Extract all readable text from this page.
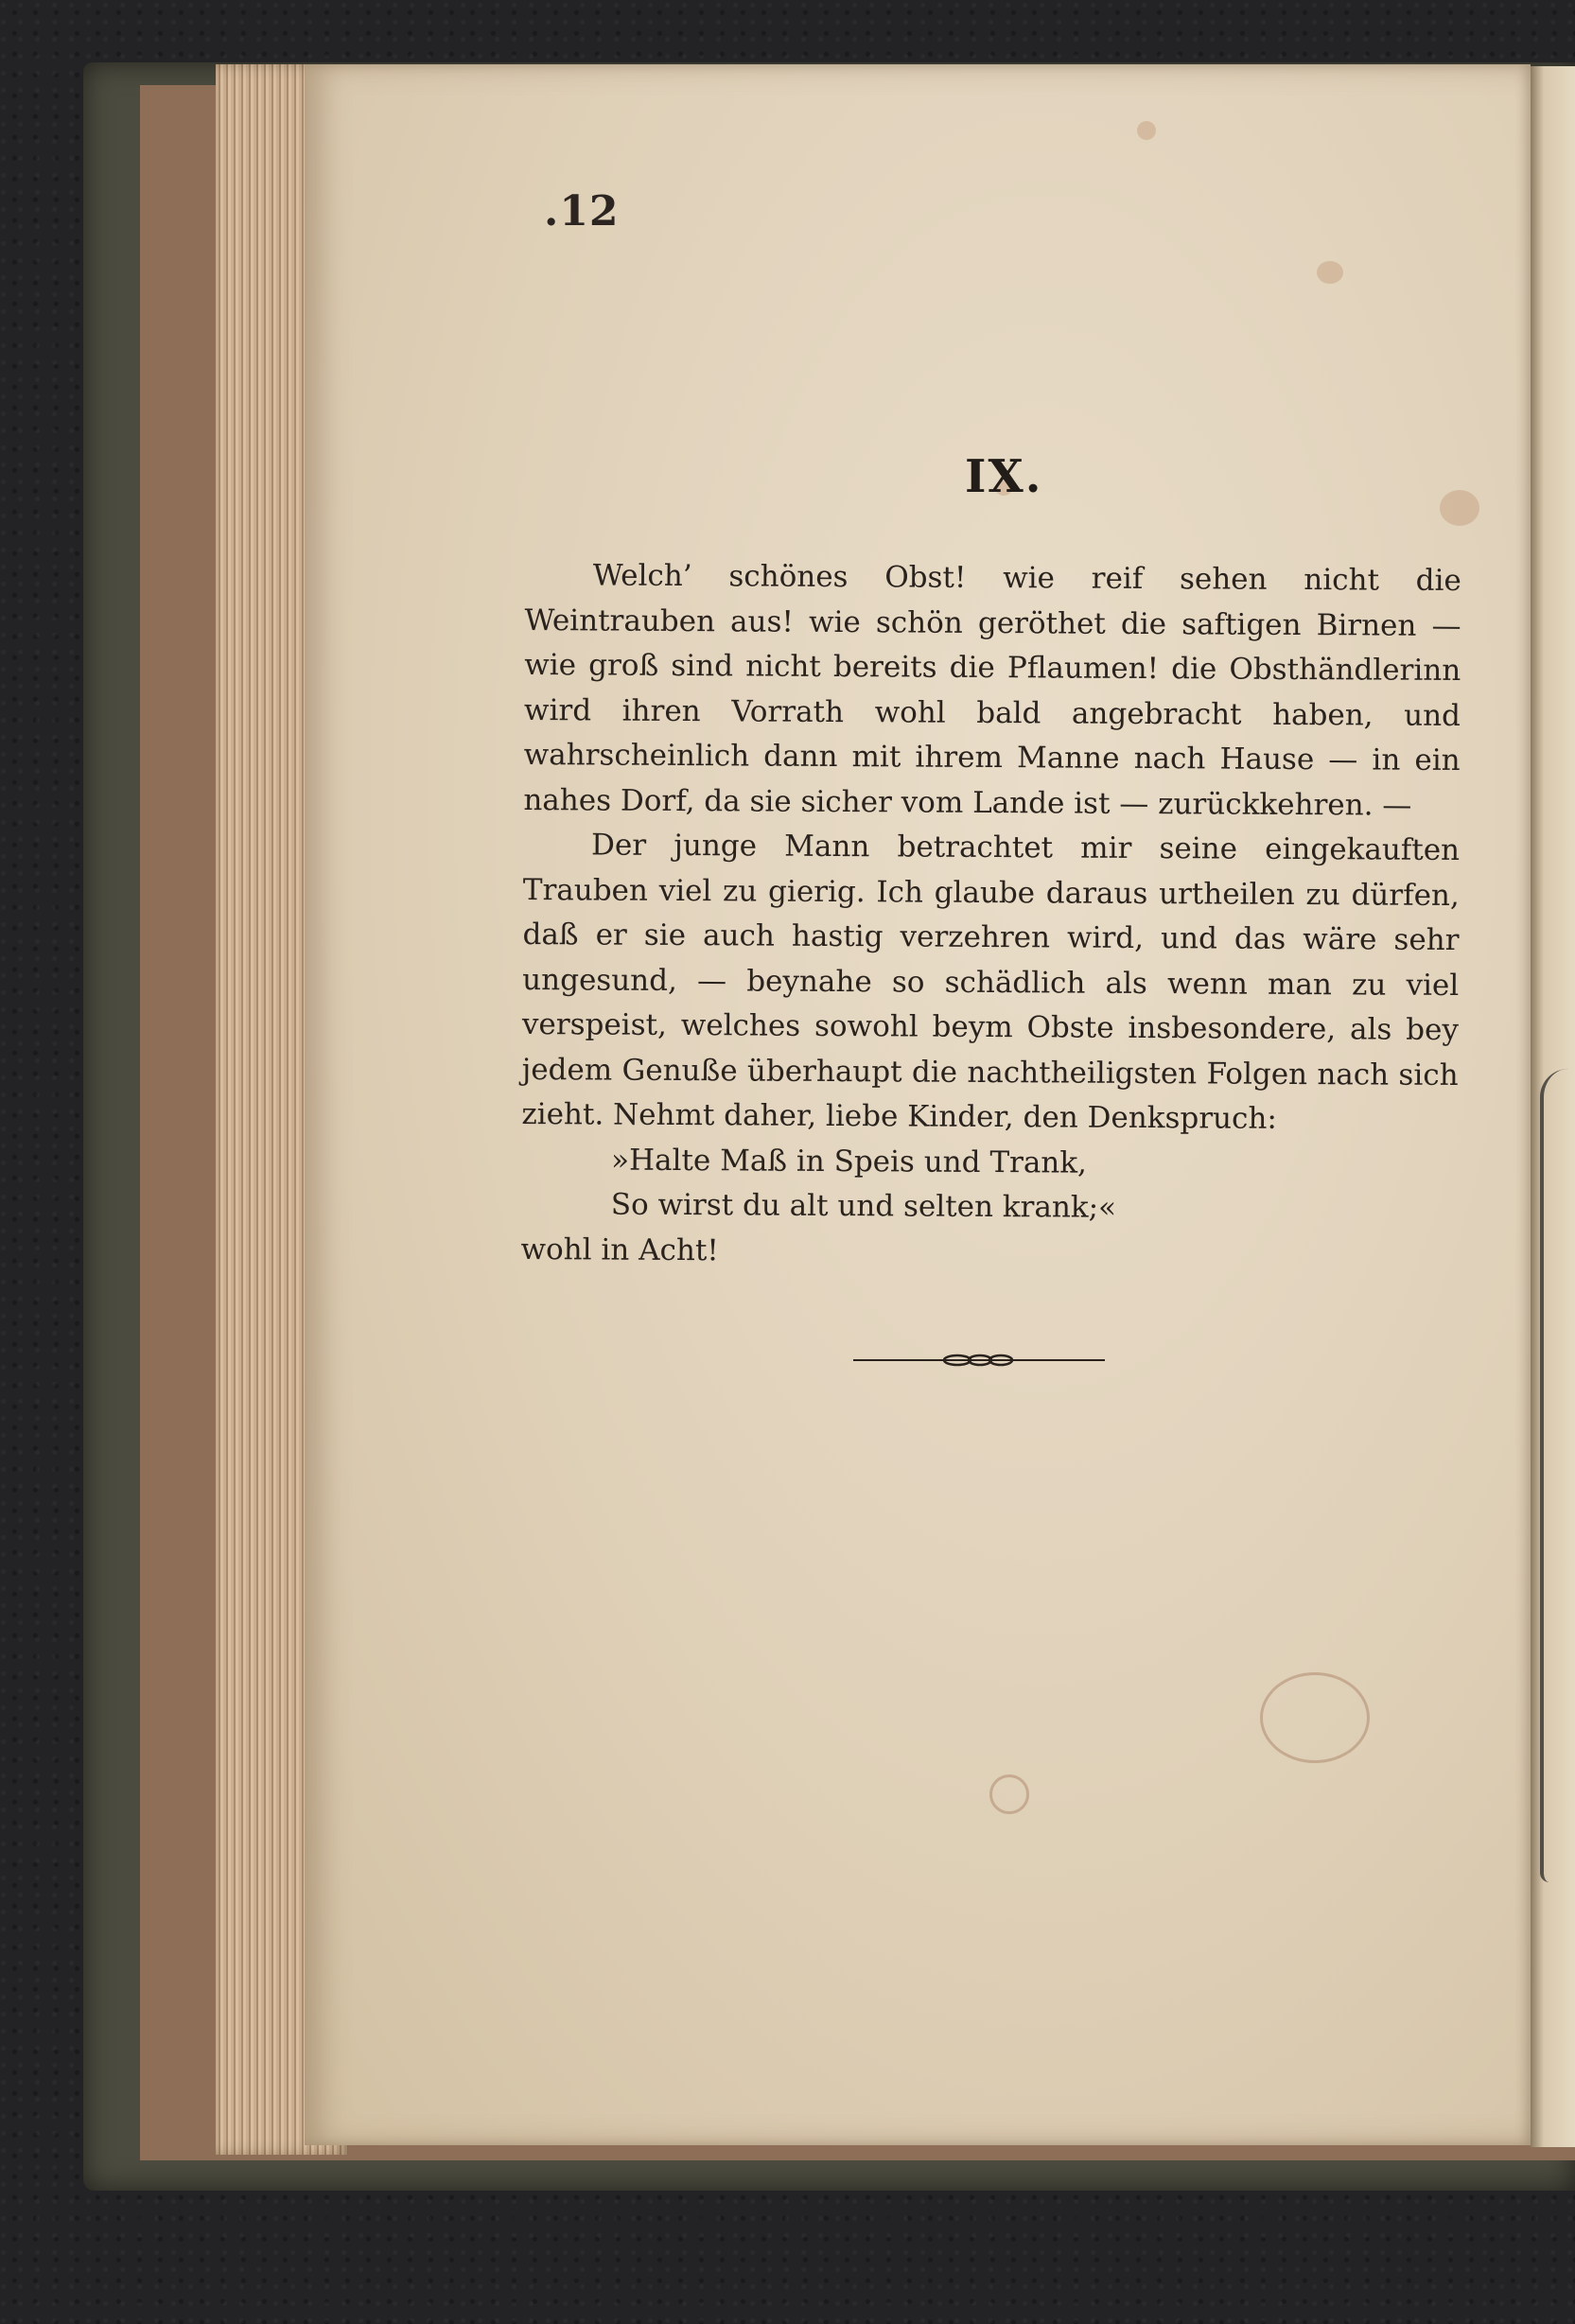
.12
IX.

Welch’ schönes Obst! wie reif sehen nicht die Weintrauben aus! wie schön geröthet die saftigen Birnen — wie groß sind nicht bereits die Pflaumen! die Obsthändlerinn wird ihren Vorrath wohl bald angebracht haben, und wahrscheinlich dann mit ihrem Manne nach Hause — in ein nahes Dorf, da sie sicher vom Lande ist — zurückkehren. —

Der junge Mann betrachtet mir seine eingekauften Trauben viel zu gierig. Ich glaube daraus urtheilen zu dürfen, daß er sie auch hastig verzehren wird, und das wäre sehr ungesund, — beynahe so schädlich als wenn man zu viel verspeist, welches sowohl beym Obste insbesondere, als bey jedem Genuße überhaupt die nachtheiligsten Folgen nach sich zieht. Nehmt daher, liebe Kinder, den Denkspruch:

»Halte Maß in Speis und Trank,

So wirst du alt und selten krank;«

wohl in Acht!
